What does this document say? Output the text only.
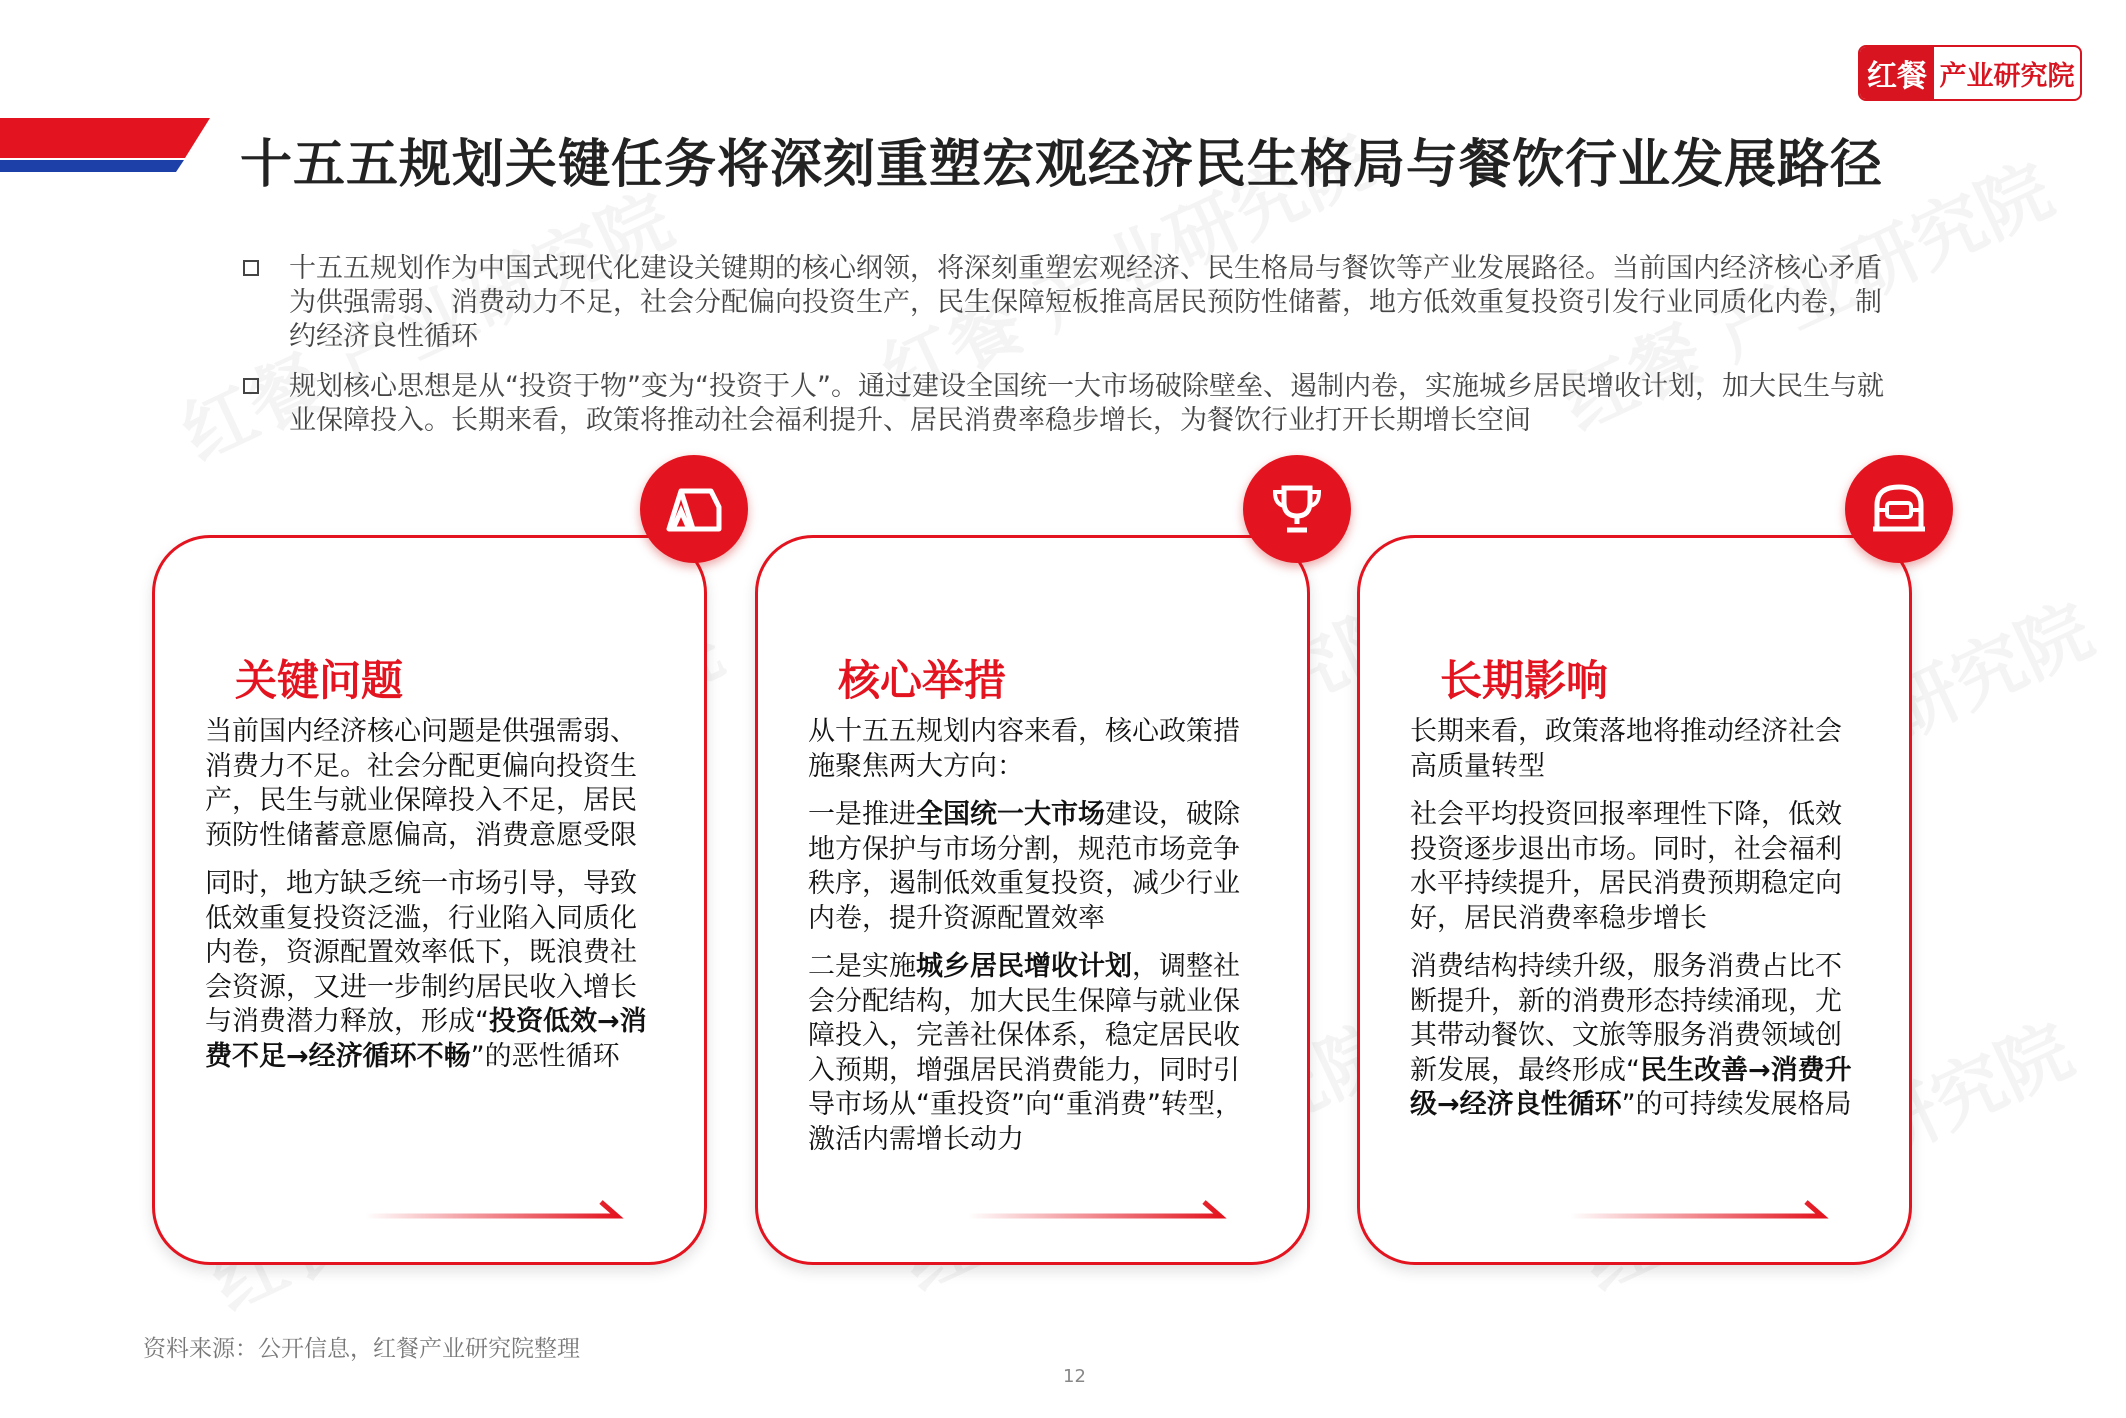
红餐 产业研究院
十五五规划关键任务将深刻重塑宏观经济民生格局与餐饮行业发展路径
十五五规划作为中国式现代化建设关键期的核心纲领，将深刻重塑宏观经济、民生格局与餐饮等产业发展路径。当前国内经济核心矛盾为供强需弱、消费动力不足，社会分配偏向投资生产，民生保障短板推高居民预防性储蓄，地方低效重复投资引发行业同质化内卷，制约经济良性循环
规划核心思想是从“投资于物”变为“投资于人”。通过建设全国统一大市场破除壁垒、遏制内卷，实施城乡居民增收计划，加大民生与就业保障投入。长期来看，政策将推动社会福利提升、居民消费率稳步增长，为餐饮行业打开长期增长空间
关键问题

当前国内经济核心问题是供强需弱、消费力不足。社会分配更偏向投资生产，民生与就业保障投入不足，居民预防性储蓄意愿偏高，消费意愿受限

同时，地方缺乏统一市场引导，导致低效重复投资泛滥，行业陷入同质化内卷，资源配置效率低下，既浪费社会资源，又进一步制约居民收入增长与消费潜力释放，形成“投资低效→消费不足→经济循环不畅”的恶性循环

核心举措

从十五五规划内容来看，核心政策措施聚焦两大方向：

一是推进全国统一大市场建设，破除地方保护与市场分割，规范市场竞争秩序，遏制低效重复投资，减少行业内卷，提升资源配置效率

二是实施城乡居民增收计划，调整社会分配结构，加大民生保障与就业保障投入，完善社保体系，稳定居民收入预期，增强居民消费能力，同时引导市场从“重投资”向“重消费”转型，激活内需增长动力

长期影响

长期来看，政策落地将推动经济社会高质量转型

社会平均投资回报率理性下降，低效投资逐步退出市场。同时，社会福利水平持续提升，居民消费预期稳定向好，居民消费率稳步增长

消费结构持续升级，服务消费占比不断提升，新的消费形态持续涌现，尤其带动餐饮、文旅等服务消费领域创新发展，最终形成“民生改善→消费升级→经济良性循环”的可持续发展格局

资料来源：公开信息，红餐产业研究院整理
12
